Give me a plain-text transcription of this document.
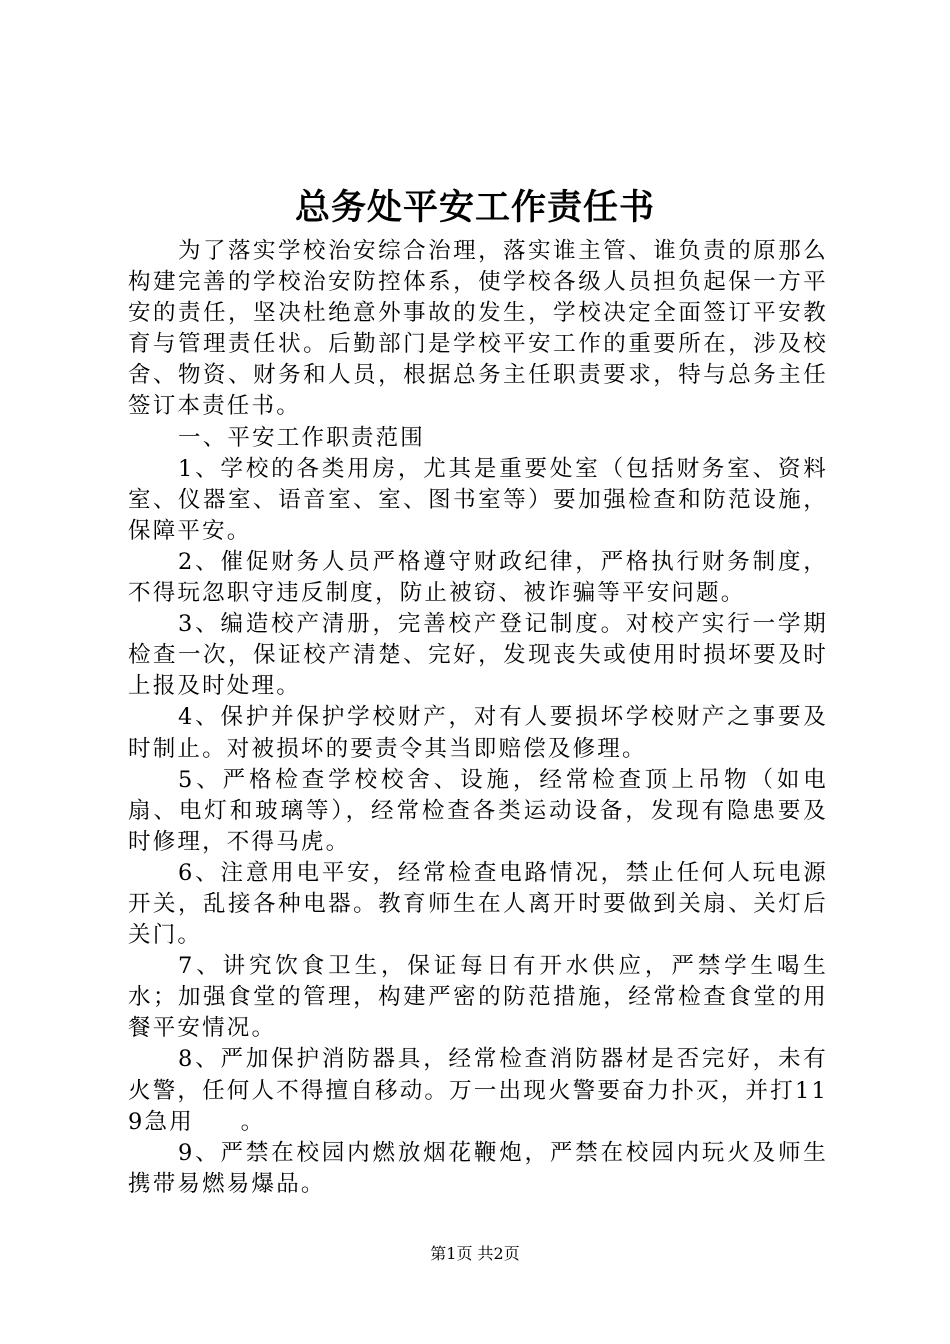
总务处平安工作责任书

为了落实学校治安综合治理，落实谁主管、谁负责的原那么构建完善的学校治安防控体系，使学校各级人员担负起保一方平安的责任，坚决杜绝意外事故的发生，学校决定全面签订平安教育与管理责任状。后勤部门是学校平安工作的重要所在，涉及校舍、物资、财务和人员，根据总务主任职责要求，特与总务主任签订本责任书。

一、平安工作职责范围

1、学校的各类用房，尤其是重要处室（包括财务室、资料室、仪器室、语音室、室、图书室等）要加强检查和防范设施，保障平安。

2、催促财务人员严格遵守财政纪律，严格执行财务制度，不得玩忽职守违反制度，防止被窃、被诈骗等平安问题。

3、编造校产清册，完善校产登记制度。对校产实行一学期检查一次，保证校产清楚、完好，发现丧失或使用时损坏要及时上报及时处理。

4、保护并保护学校财产，对有人要损坏学校财产之事要及时制止。对被损坏的要责令其当即赔偿及修理。

5、严格检查学校校舍、设施，经常检查顶上吊物（如电扇、电灯和玻璃等），经常检查各类运动设备，发现有隐患要及时修理，不得马虎。

6、注意用电平安，经常检查电路情况，禁止任何人玩电源开关，乱接各种电器。教育师生在人离开时要做到关扇、关灯后关门。

7、讲究饮食卫生，保证每日有开水供应，严禁学生喝生水；加强食堂的管理，构建严密的防范措施，经常检查食堂的用餐平安情况。

8、严加保护消防器具，经常检查消防器材是否完好，未有火警，任何人不得擅自移动。万一出现火警要奋力扑灭，并打119急用     。

9、严禁在校园内燃放烟花鞭炮，严禁在校园内玩火及师生携带易燃易爆品。

第1页 共2页
